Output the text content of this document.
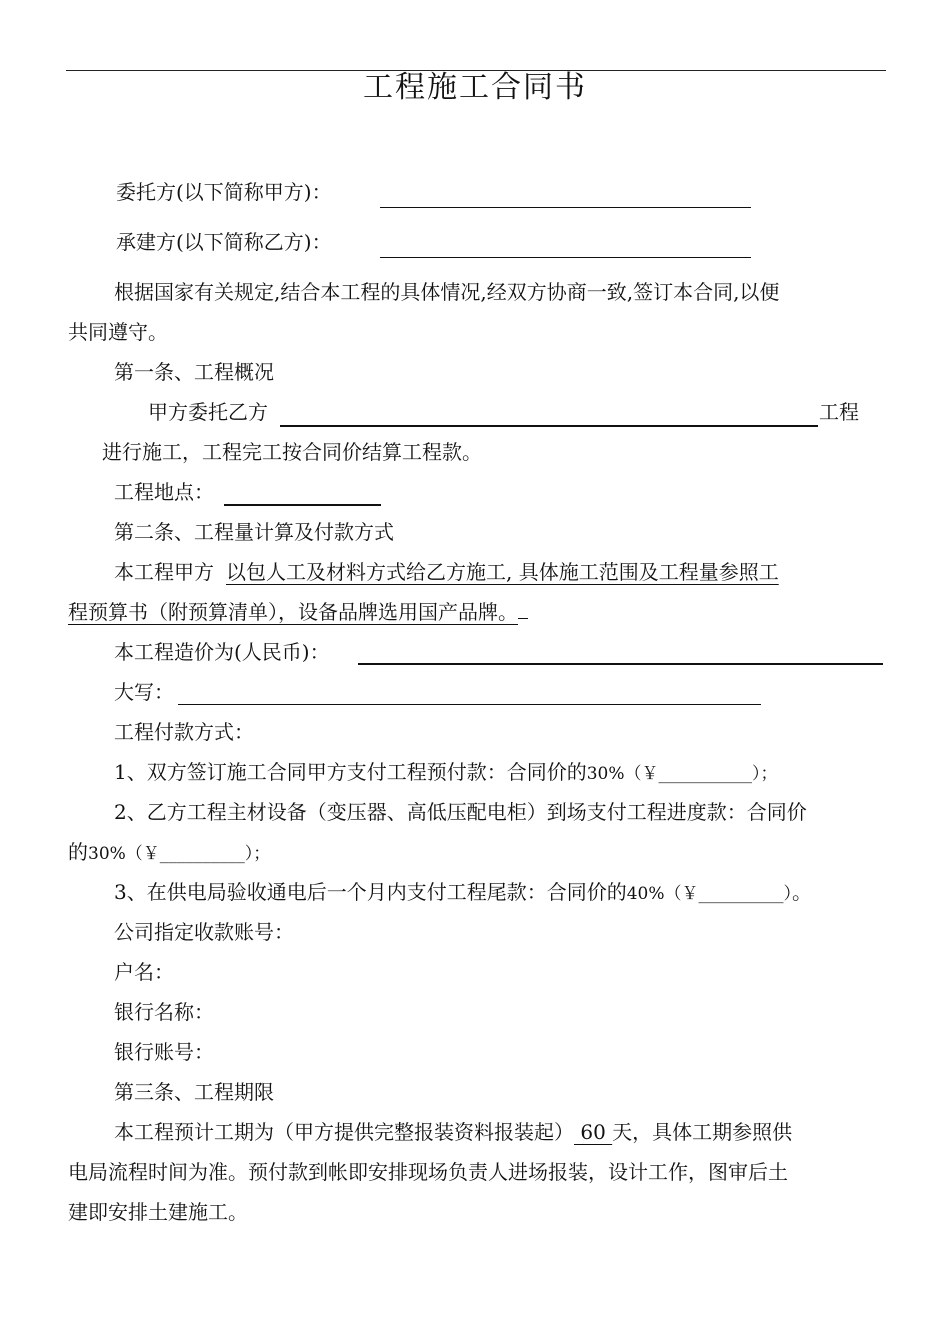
工程施工合同书
委托方(以下简称甲方)：
承建方(以下简称乙方)：
根据国家有关规定,结合本工程的具体情况,经双方协商一致,签订本合同,以便
共同遵守。
第一条、工程概况
甲方委托乙方	工程
进行施工，工程完工按合同价结算工程款。
工程地点：
第二条、工程量计算及付款方式
本工程甲方 以包人工及材料方式给乙方施工, 具体施工范围及工程量参照工
程预算书（附预算清单），设备品牌选用国产品牌。
本工程造价为(人民币)：
大写：
工程付款方式：
1、双方签订施工合同甲方支付工程预付款：合同价的30%（￥___________）；
2、乙方工程主材设备（变压器、高低压配电柜）到场支付工程进度款：合同价
的30%（￥__________）；
3、在供电局验收通电后一个月内支付工程尾款：合同价的40%（￥__________）。
公司指定收款账号：
户名：
银行名称：
银行账号：
第三条、工程期限
本工程预计工期为（甲方提供完整报装资料报装起） 60 天，具体工期参照供
电局流程时间为准。预付款到帐即安排现场负责人进场报装，设计工作，图审后土
建即安排土建施工。
